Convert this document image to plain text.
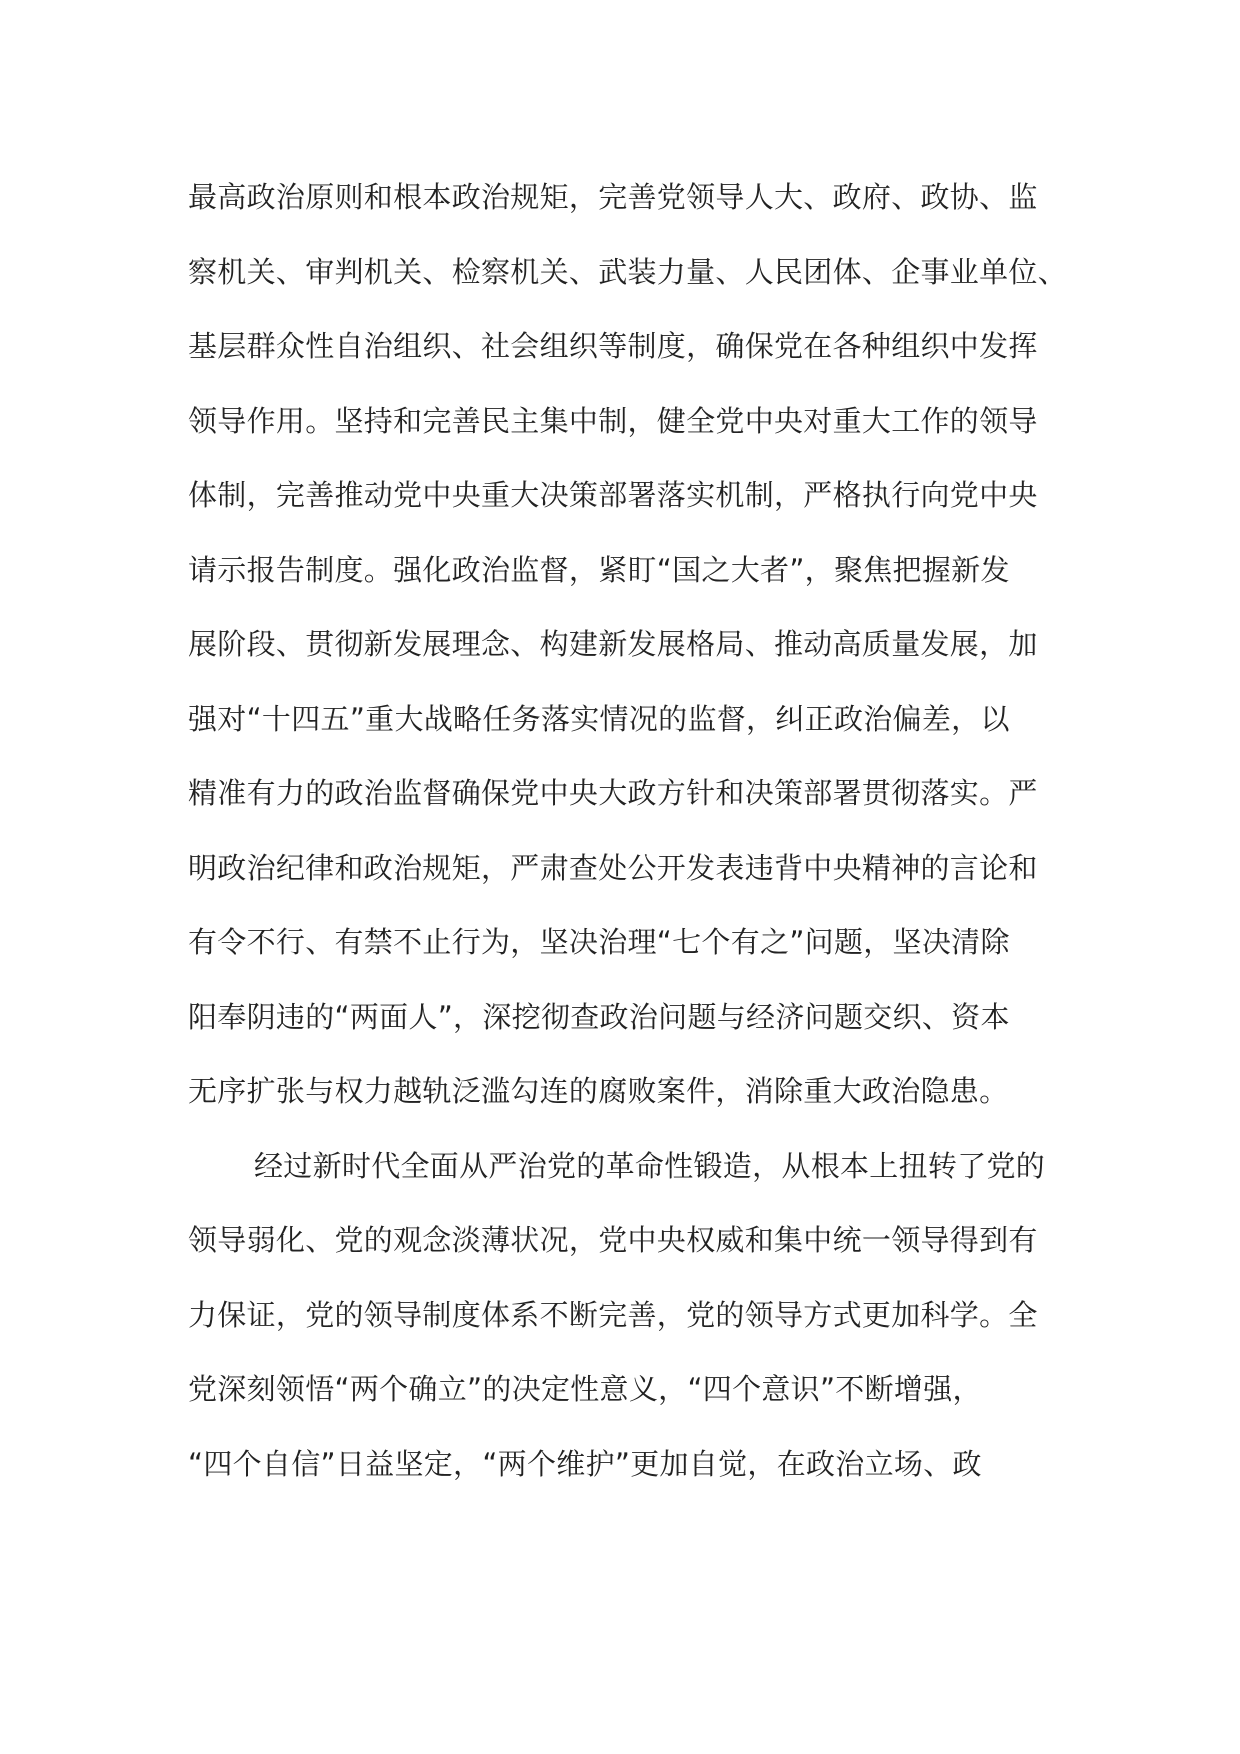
最高政治原则和根本政治规矩，完善党领导人大、政府、政协、监
察机关、审判机关、检察机关、武装力量、人民团体、企事业单位、
基层群众性自治组织、社会组织等制度，确保党在各种组织中发挥
领导作用。坚持和完善民主集中制，健全党中央对重大工作的领导
体制，完善推动党中央重大决策部署落实机制，严格执行向党中央
请示报告制度。强化政治监督，紧盯“国之大者”，聚焦把握新发
展阶段、贯彻新发展理念、构建新发展格局、推动高质量发展，加
强对“十四五”重大战略任务落实情况的监督，纠正政治偏差，以
精准有力的政治监督确保党中央大政方针和决策部署贯彻落实。严
明政治纪律和政治规矩，严肃查处公开发表违背中央精神的言论和
有令不行、有禁不止行为，坚决治理“七个有之”问题，坚决清除
阳奉阴违的“两面人”，深挖彻查政治问题与经济问题交织、资本
无序扩张与权力越轨泛滥勾连的腐败案件，消除重大政治隐患。
经过新时代全面从严治党的革命性锻造，从根本上扭转了党的
领导弱化、党的观念淡薄状况，党中央权威和集中统一领导得到有
力保证，党的领导制度体系不断完善，党的领导方式更加科学。全
党深刻领悟“两个确立”的决定性意义，“四个意识”不断增强，
“四个自信”日益坚定，“两个维护”更加自觉，在政治立场、政
